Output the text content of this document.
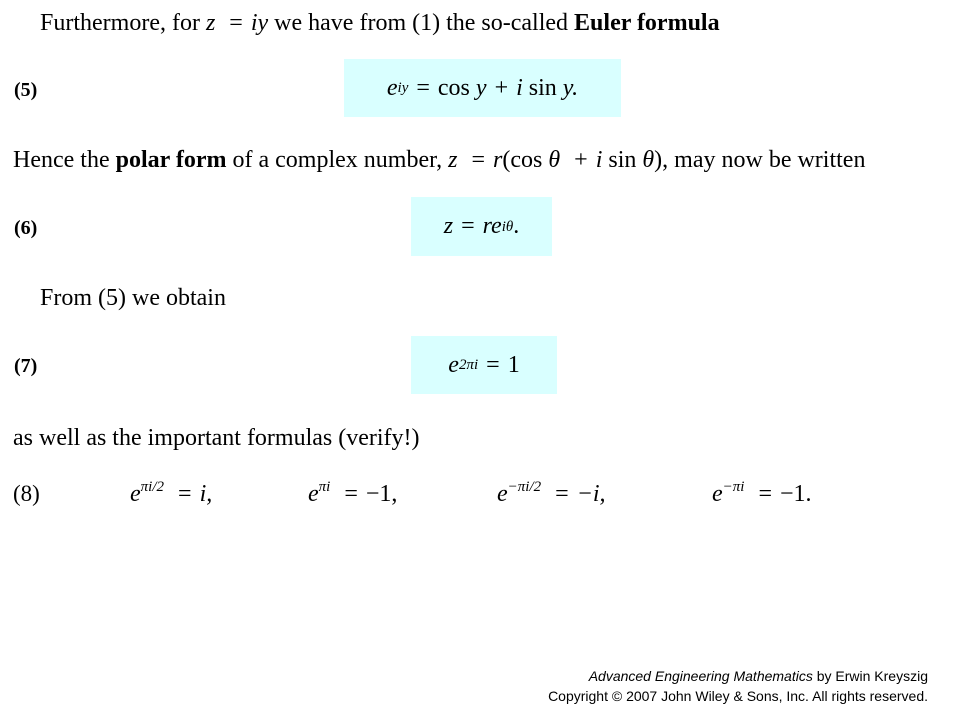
Furthermore, for z = iy we have from (1) the so-called Euler formula
(5)	e iy = cos
y + i
sin
y.
Hence the polar form of a complex number, z = r(cos θ + i sin θ), may now be written
(6)	z = re iθ .
From (5) we obtain
(7)	e 2πi = 1
as well as the important formulas (verify!)
(8)	$e^{\pi i/2} = i$,	$e^{\pi i} = -1$,	$e^{-\pi i/2} = -i$,	$e^{-\pi i} = -1$.
Advanced Engineering Mathematics by Erwin Kreyszig
Copyright © 2007 John Wiley & Sons, Inc. All rights reserved.
